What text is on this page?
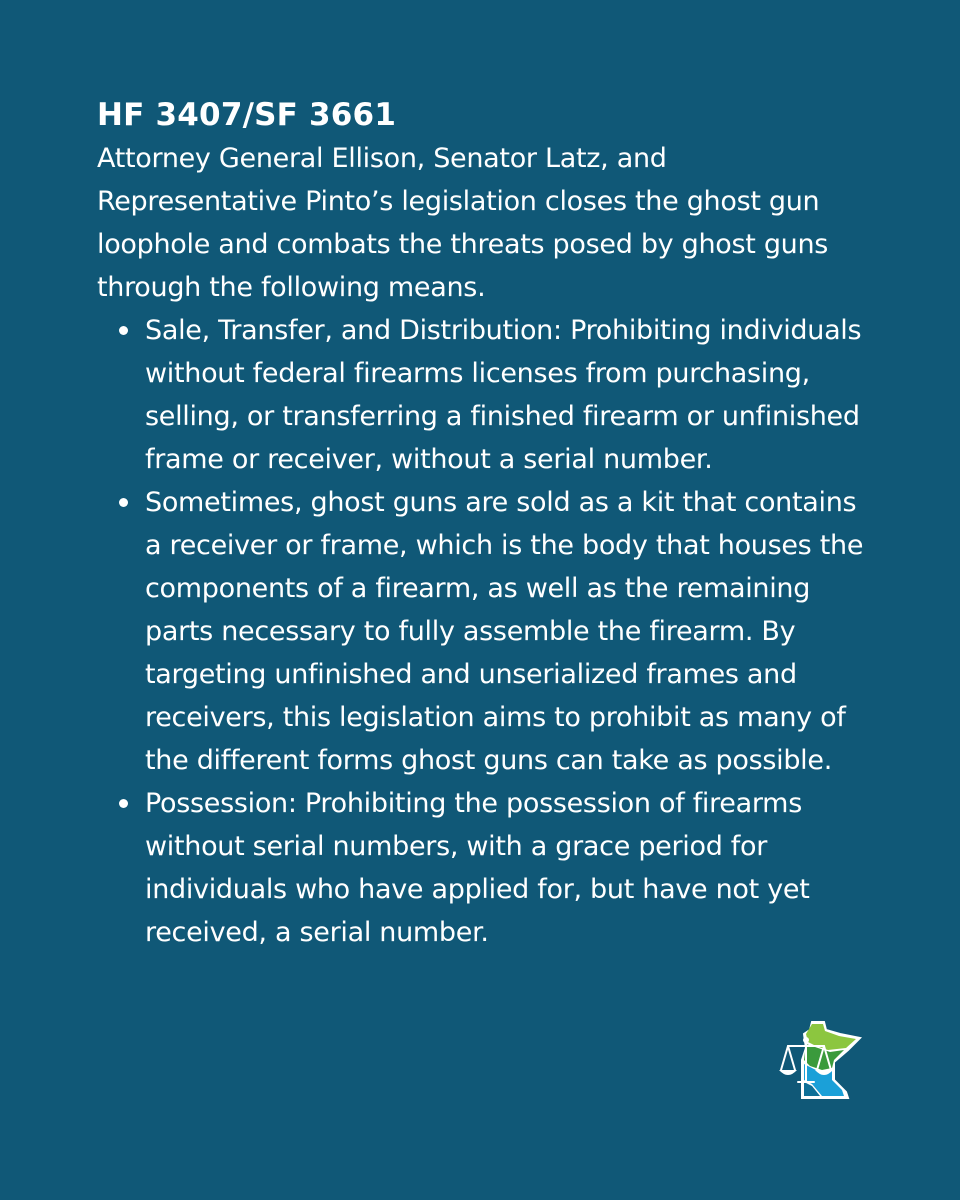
HF 3407/SF 3661

Attorney General Ellison, Senator Latz, and Representative Pinto’s legislation closes the ghost gun loophole and combats the threats posed by ghost guns through the following means.

Sale, Transfer, and Distribution: Prohibiting individuals without federal firearms licenses from purchasing, selling, or transferring a finished firearm or unfinished frame or receiver, without a serial number.
Sometimes, ghost guns are sold as a kit that contains a receiver or frame, which is the body that houses the components of a firearm, as well as the remaining parts necessary to fully assemble the firearm. By targeting unfinished and unserialized frames and receivers, this legislation aims to prohibit as many of the different forms ghost guns can take as possible.
Possession: Prohibiting the possession of firearms without serial numbers, with a grace period for individuals who have applied for, but have not yet received, a serial number.
